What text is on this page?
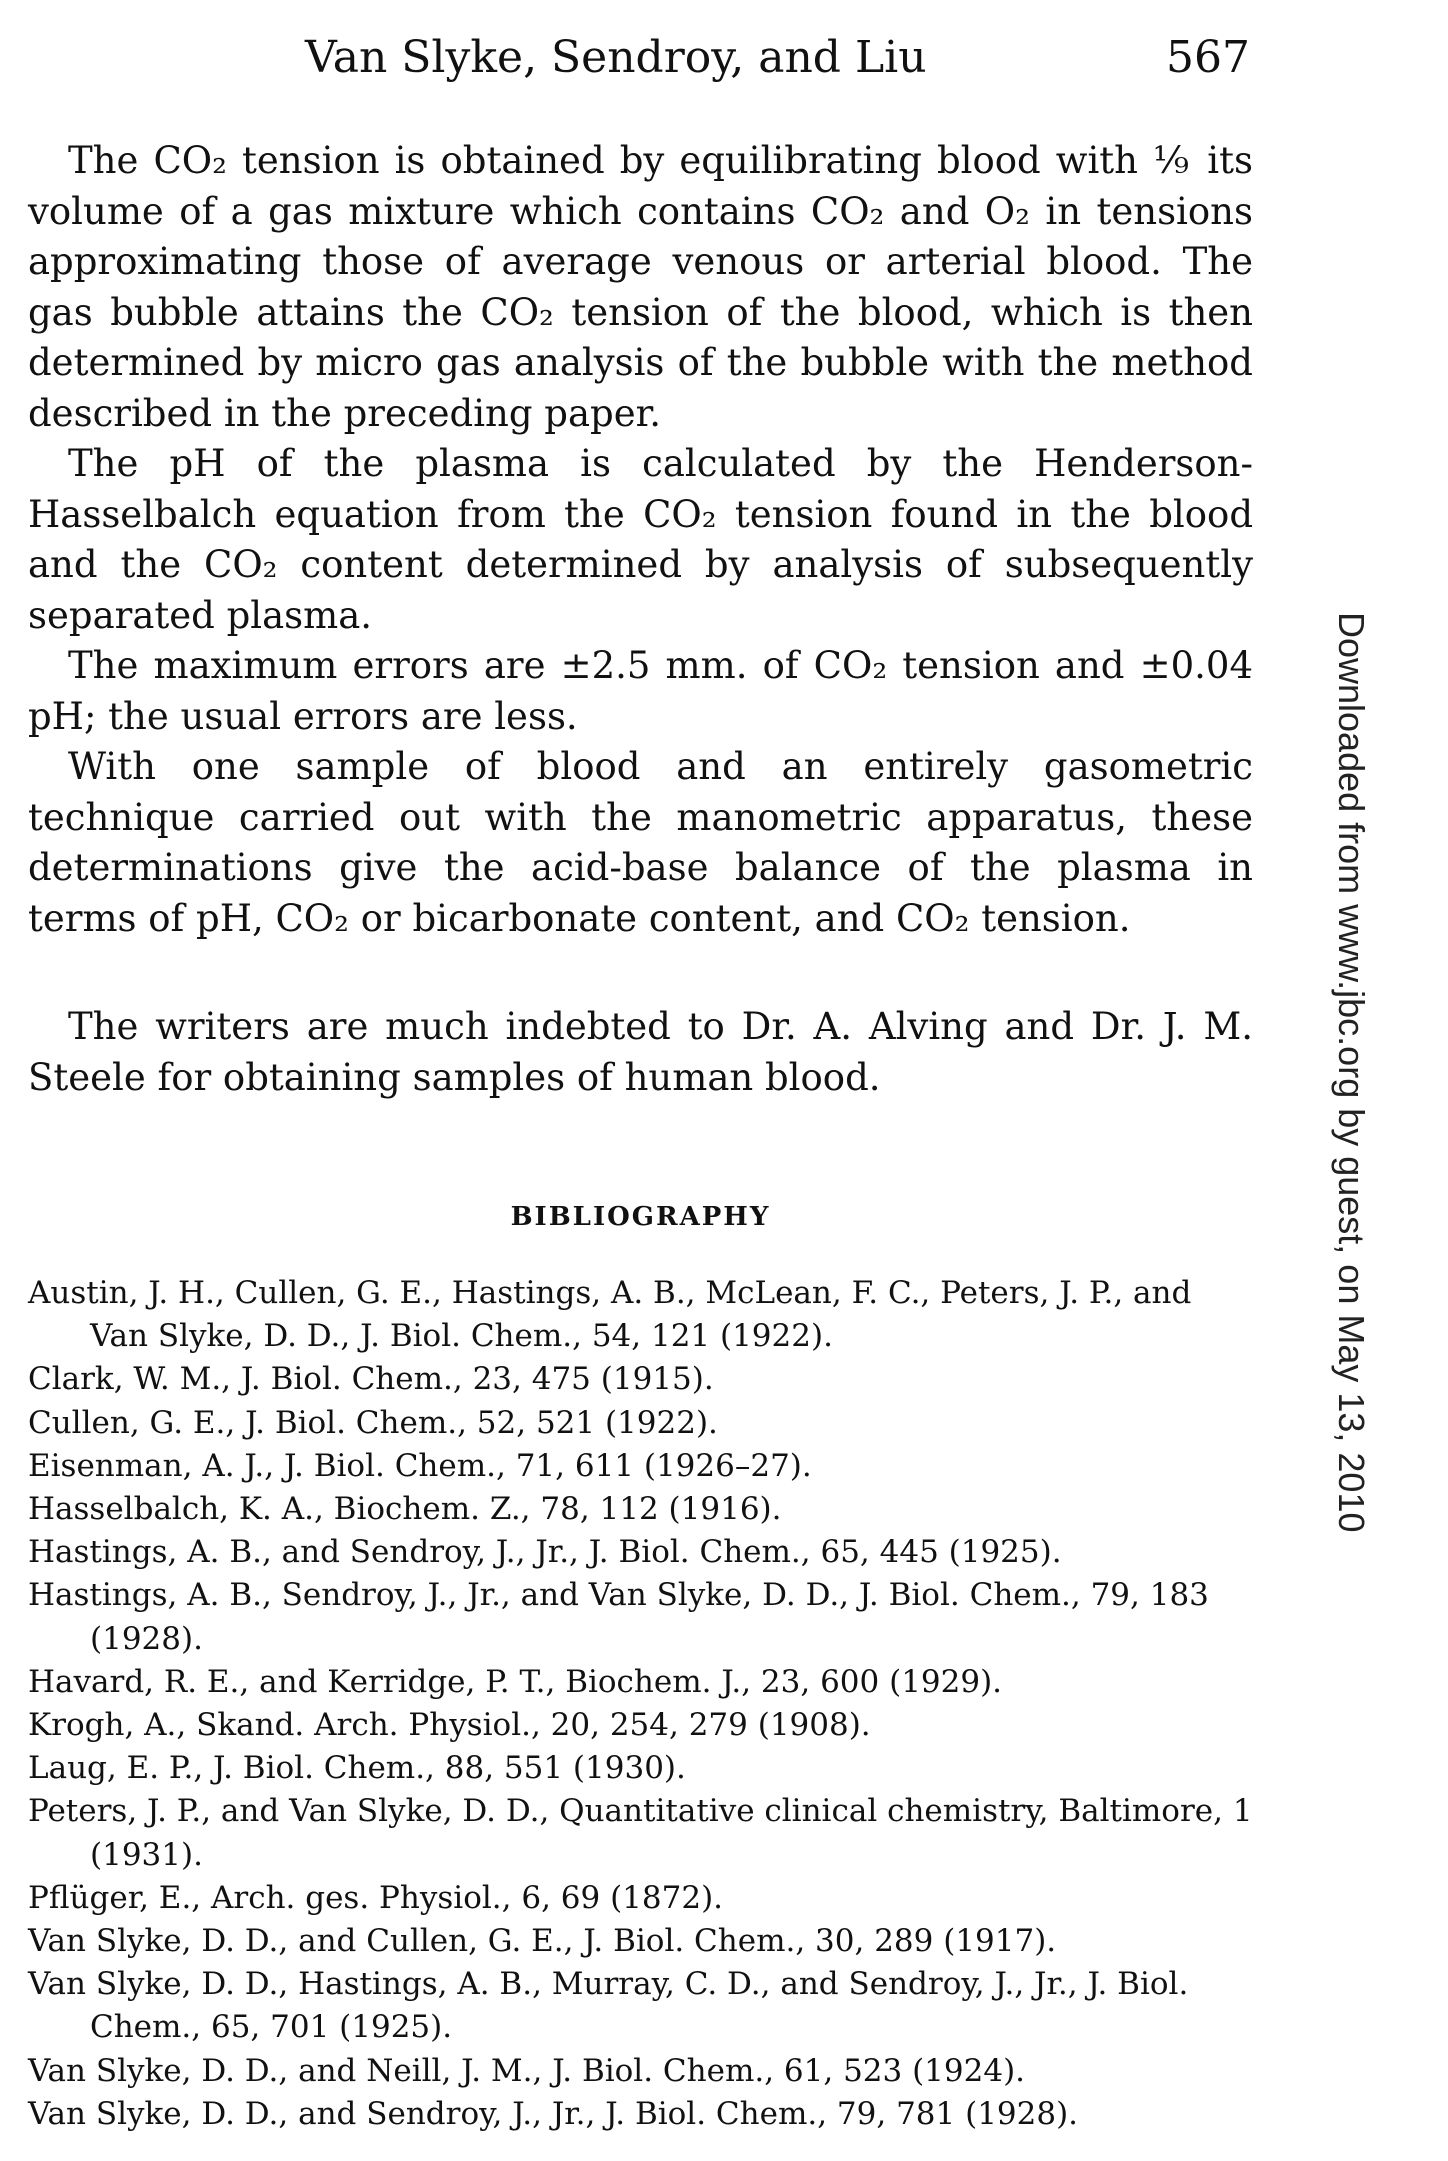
Van Slyke, Sendroy, and Liu	567

The CO₂ tension is obtained by equilibrating blood with ⅑ its volume of a gas mixture which contains CO₂ and O₂ in tensions approximating those of average venous or arterial blood. The gas bubble attains the CO₂ tension of the blood, which is then determined by micro gas analysis of the bubble with the method described in the preceding paper.

The pH of the plasma is calculated by the Henderson-Hasselbalch equation from the CO₂ tension found in the blood and the CO₂ content determined by analysis of subsequently separated plasma.

The maximum errors are ±2.5 mm. of CO₂ tension and ±0.04 pH; the usual errors are less.

With one sample of blood and an entirely gasometric technique carried out with the manometric apparatus, these determinations give the acid-base balance of the plasma in terms of pH, CO₂ or bicarbonate content, and CO₂ tension.

The writers are much indebted to Dr. A. Alving and Dr. J. M. Steele for obtaining samples of human blood.

BIBLIOGRAPHY
Austin, J. H., Cullen, G. E., Hastings, A. B., McLean, F. C., Peters, J. P., and Van Slyke, D. D., J. Biol. Chem., 54, 121 (1922).
Clark, W. M., J. Biol. Chem., 23, 475 (1915).
Cullen, G. E., J. Biol. Chem., 52, 521 (1922).
Eisenman, A. J., J. Biol. Chem., 71, 611 (1926–27).
Hasselbalch, K. A., Biochem. Z., 78, 112 (1916).
Hastings, A. B., and Sendroy, J., Jr., J. Biol. Chem., 65, 445 (1925).
Hastings, A. B., Sendroy, J., Jr., and Van Slyke, D. D., J. Biol. Chem., 79, 183 (1928).
Havard, R. E., and Kerridge, P. T., Biochem. J., 23, 600 (1929).
Krogh, A., Skand. Arch. Physiol., 20, 254, 279 (1908).
Laug, E. P., J. Biol. Chem., 88, 551 (1930).
Peters, J. P., and Van Slyke, D. D., Quantitative clinical chemistry, Baltimore, 1 (1931).
Pflüger, E., Arch. ges. Physiol., 6, 69 (1872).
Van Slyke, D. D., and Cullen, G. E., J. Biol. Chem., 30, 289 (1917).
Van Slyke, D. D., Hastings, A. B., Murray, C. D., and Sendroy, J., Jr., J. Biol. Chem., 65, 701 (1925).
Van Slyke, D. D., and Neill, J. M., J. Biol. Chem., 61, 523 (1924).
Van Slyke, D. D., and Sendroy, J., Jr., J. Biol. Chem., 79, 781 (1928).
Downloaded from www.jbc.org by guest, on May 13, 2010
